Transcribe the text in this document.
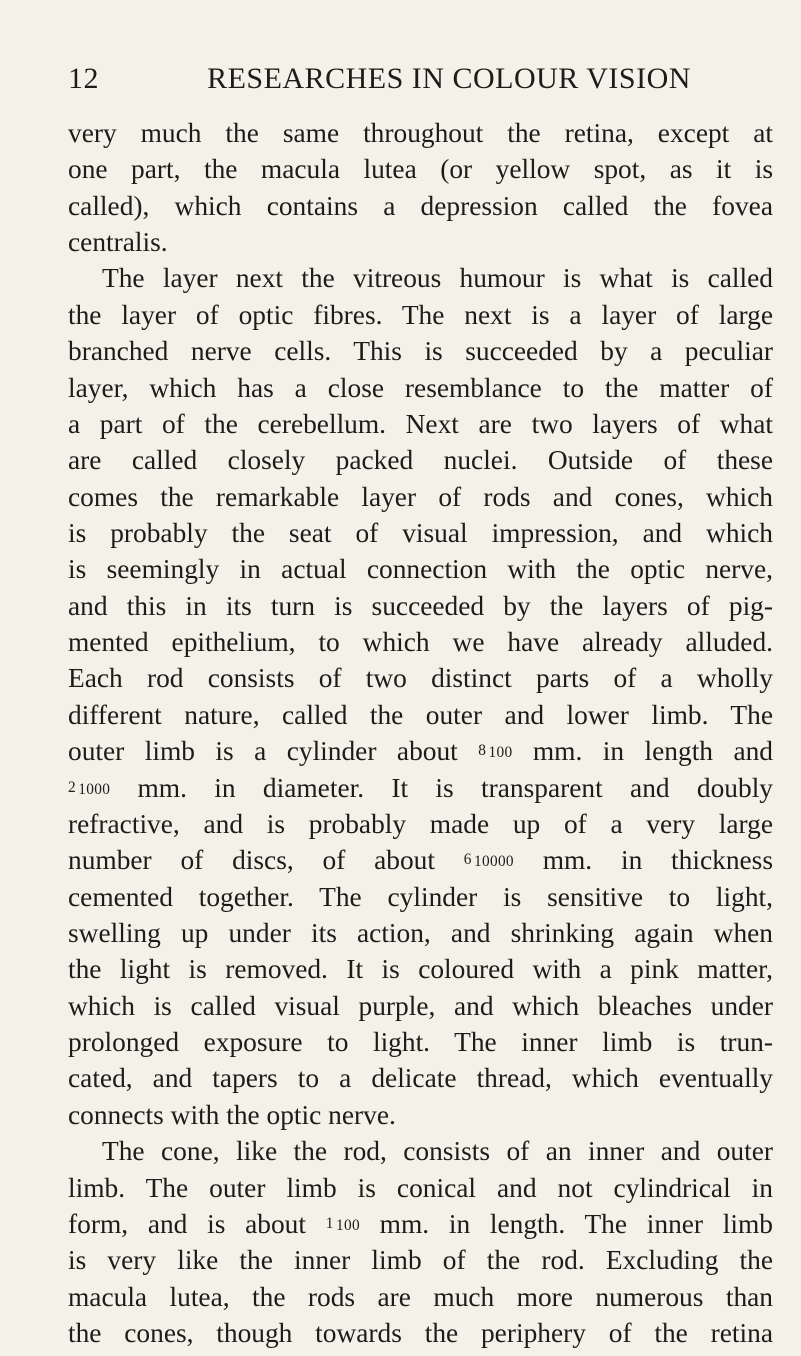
12	RESEARCHES IN COLOUR VISION
very much the same throughout the retina, except at
one part, the macula lutea (or yellow spot, as it is
called), which contains a depression called the fovea
centralis.
The layer next the vitreous humour is what is called
the layer of optic fibres. The next is a layer of large
branched nerve cells. This is succeeded by a peculiar
layer, which has a close resemblance to the matter of
a part of the cerebellum. Next are two layers of what
are called closely packed nuclei. Outside of these
comes the remarkable layer of rods and cones, which
is probably the seat of visual impression, and which
is seemingly in actual connection with the optic nerve,
and this in its turn is succeeded by the layers of pig-
mented epithelium, to which we have already alluded.
Each rod consists of two distinct parts of a wholly
different nature, called the outer and lower limb. The
outer limb is a cylinder about 8 100 mm. in length and
2 1000 mm. in diameter. It is transparent and doubly
refractive, and is probably made up of a very large
number of discs, of about 6 10000 mm. in thickness
cemented together. The cylinder is sensitive to light,
swelling up under its action, and shrinking again when
the light is removed. It is coloured with a pink matter,
which is called visual purple, and which bleaches under
prolonged exposure to light. The inner limb is trun-
cated, and tapers to a delicate thread, which eventually
connects with the optic nerve.
The cone, like the rod, consists of an inner and outer
limb. The outer limb is conical and not cylindrical in
form, and is about 1 100 mm. in length. The inner limb
is very like the inner limb of the rod. Excluding the
macula lutea, the rods are much more numerous than
the cones, though towards the periphery of the retina
